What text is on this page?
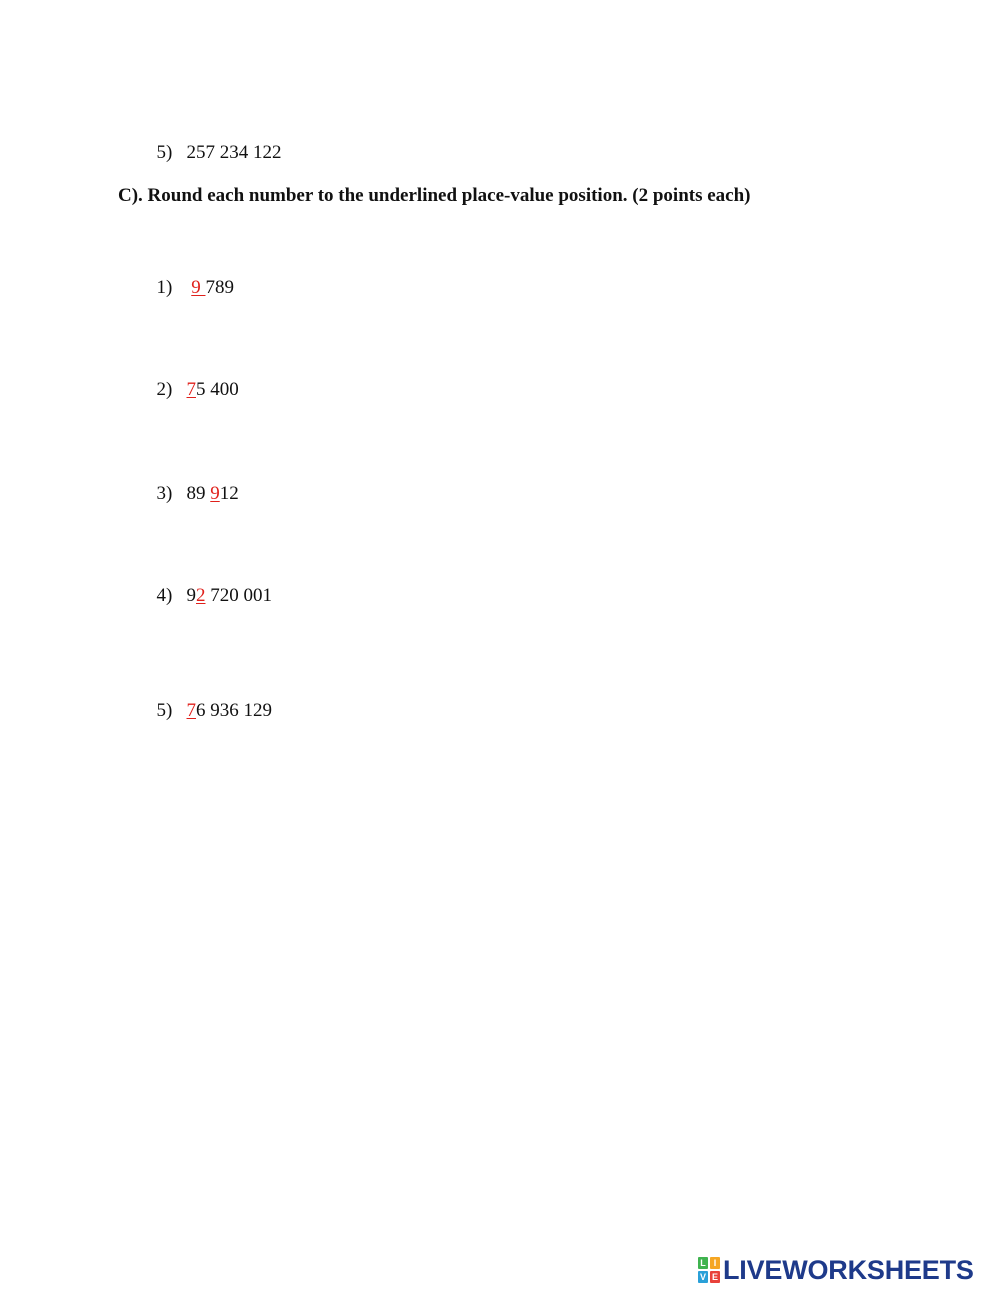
5) 257 234 122

C). Round each number to the underlined place-value position. (2 points each)

1) 9 789

2) 75 400

3) 89 912

4) 92 720 001

5) 76 936 129

L I
V E LIVEWORKSHEETS
